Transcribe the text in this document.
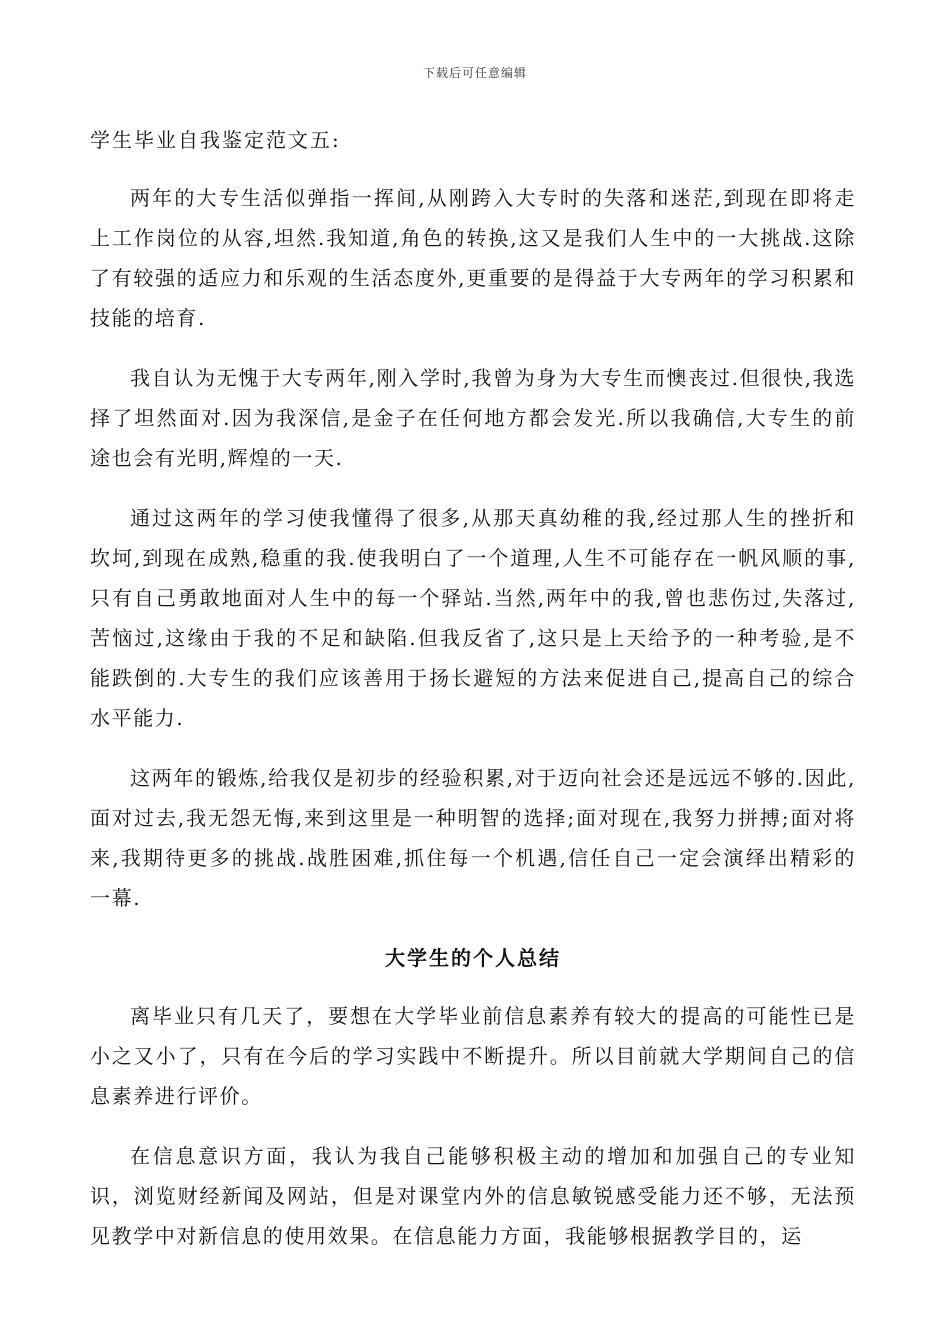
下载后可任意编辑
学生毕业自我鉴定范文五:

两年的大专生活似弹指一挥间,从刚跨入大专时的失落和迷茫,到现在即将走上工作岗位的从容,坦然.我知道,角色的转换,这又是我们人生中的一大挑战.这除了有较强的适应力和乐观的生活态度外,更重要的是得益于大专两年的学习积累和技能的培育.

我自认为无愧于大专两年,刚入学时,我曾为身为大专生而懊丧过.但很快,我选择了坦然面对.因为我深信,是金子在任何地方都会发光.所以我确信,大专生的前途也会有光明,辉煌的一天.

通过这两年的学习使我懂得了很多,从那天真幼稚的我,经过那人生的挫折和坎坷,到现在成熟,稳重的我.使我明白了一个道理,人生不可能存在一帆风顺的事,只有自己勇敢地面对人生中的每一个驿站.当然,两年中的我,曾也悲伤过,失落过,苦恼过,这缘由于我的不足和缺陷.但我反省了,这只是上天给予的一种考验,是不能跌倒的.大专生的我们应该善用于扬长避短的方法来促进自己,提高自己的综合水平能力.

这两年的锻炼,给我仅是初步的经验积累,对于迈向社会还是远远不够的.因此,面对过去,我无怨无悔,来到这里是一种明智的选择;面对现在,我努力拼搏;面对将来,我期待更多的挑战.战胜困难,抓住每一个机遇,信任自己一定会演绎出精彩的一幕.

大学生的个人总结

离毕业只有几天了，要想在大学毕业前信息素养有较大的提高的可能性已是小之又小了，只有在今后的学习实践中不断提升。所以目前就大学期间自己的信息素养进行评价。

在信息意识方面，我认为我自己能够积极主动的增加和加强自己的专业知识，浏览财经新闻及网站，但是对课堂内外的信息敏锐感受能力还不够，无法预见教学中对新信息的使用效果。在信息能力方面，我能够根据教学目的，运
